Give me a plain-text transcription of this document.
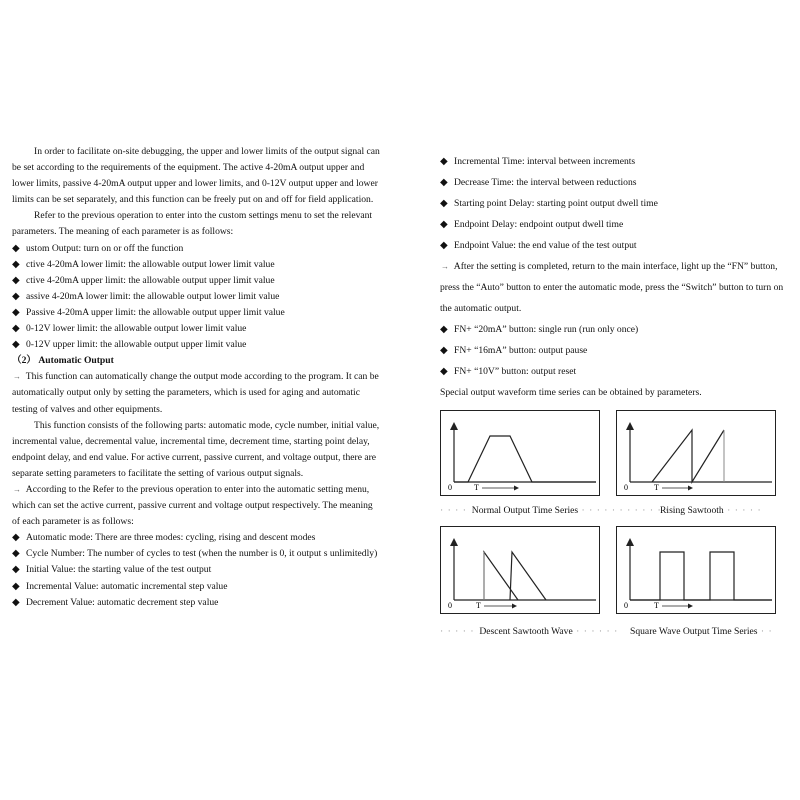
In order to facilitate on-site debugging, the upper and lower limits of the output signal can be set according to the requirements of the equipment. The active 4-20mA output upper and lower limits, passive 4-20mA output upper and lower limits, and 0-12V output upper and lower limits can be set separately, and this function can be freely put on and off for field application.

Refer to the previous operation to enter into the custom settings menu to set the relevant parameters. The meaning of each parameter is as follows:

◆ ustom Output: turn on or off the function
◆ ctive 4-20mA lower limit: the allowable output lower limit value
◆ ctive 4-20mA upper limit: the allowable output upper limit value
◆ assive 4-20mA lower limit: the allowable output lower limit value
◆ Passive 4-20mA upper limit: the allowable output upper limit value
◆ 0-12V lower limit: the allowable output lower limit value
◆ 0-12V upper limit: the allowable output upper limit value

（2） Automatic Output

→ This function can automatically change the output mode according to the program. It can be automatically output only by setting the parameters, which is used for aging and automatic testing of valves and other equipments.

This function consists of the following parts: automatic mode, cycle number, initial value, incremental value, decremental value, incremental time, decrement time, starting point delay, endpoint delay, and end value. For active current, passive current, and voltage output, there are separate setting parameters to facilitate the setting of various output signals.

→ According to the Refer to the previous operation to enter into the automatic setting menu, which can set the active current, passive current and voltage output respectively. The meaning of each parameter is as follows:

◆ Automatic mode: There are three modes: cycling, rising and descent modes
◆ Cycle Number: The number of cycles to test (when the number is 0, it output s unlimitedly)
◆ Initial Value: the starting value of the test output
◆ Incremental Value: automatic incremental step value
◆ Decrement Value: automatic decrement step value
◆ Incremental Time: interval between increments
◆ Decrease Time: the interval between reductions
◆ Starting point Delay: starting point output dwell time
◆ Endpoint Delay: endpoint output dwell time
◆ Endpoint Value: the end value of the test output

→ After the setting is completed, return to the main interface, light up the “FN” button, press the “Auto” button to enter the automatic mode, press the “Switch” button to turn on the automatic output.

◆ FN+ “20mA” button: single run (run only once)
◆ FN+ “16mA” button: output pause
◆ FN+ “10V” button: output reset

Special output waveform time series can be obtained by parameters.

0	T	0	T
· · · · Normal Output Time Series · · · · · · · · · · · · ·
Rising Sawtooth · · · · ·
0	T	0	T
· · · · · Descent Sawtooth Wave · · · · · · Square Wave Output Time Series · ·
